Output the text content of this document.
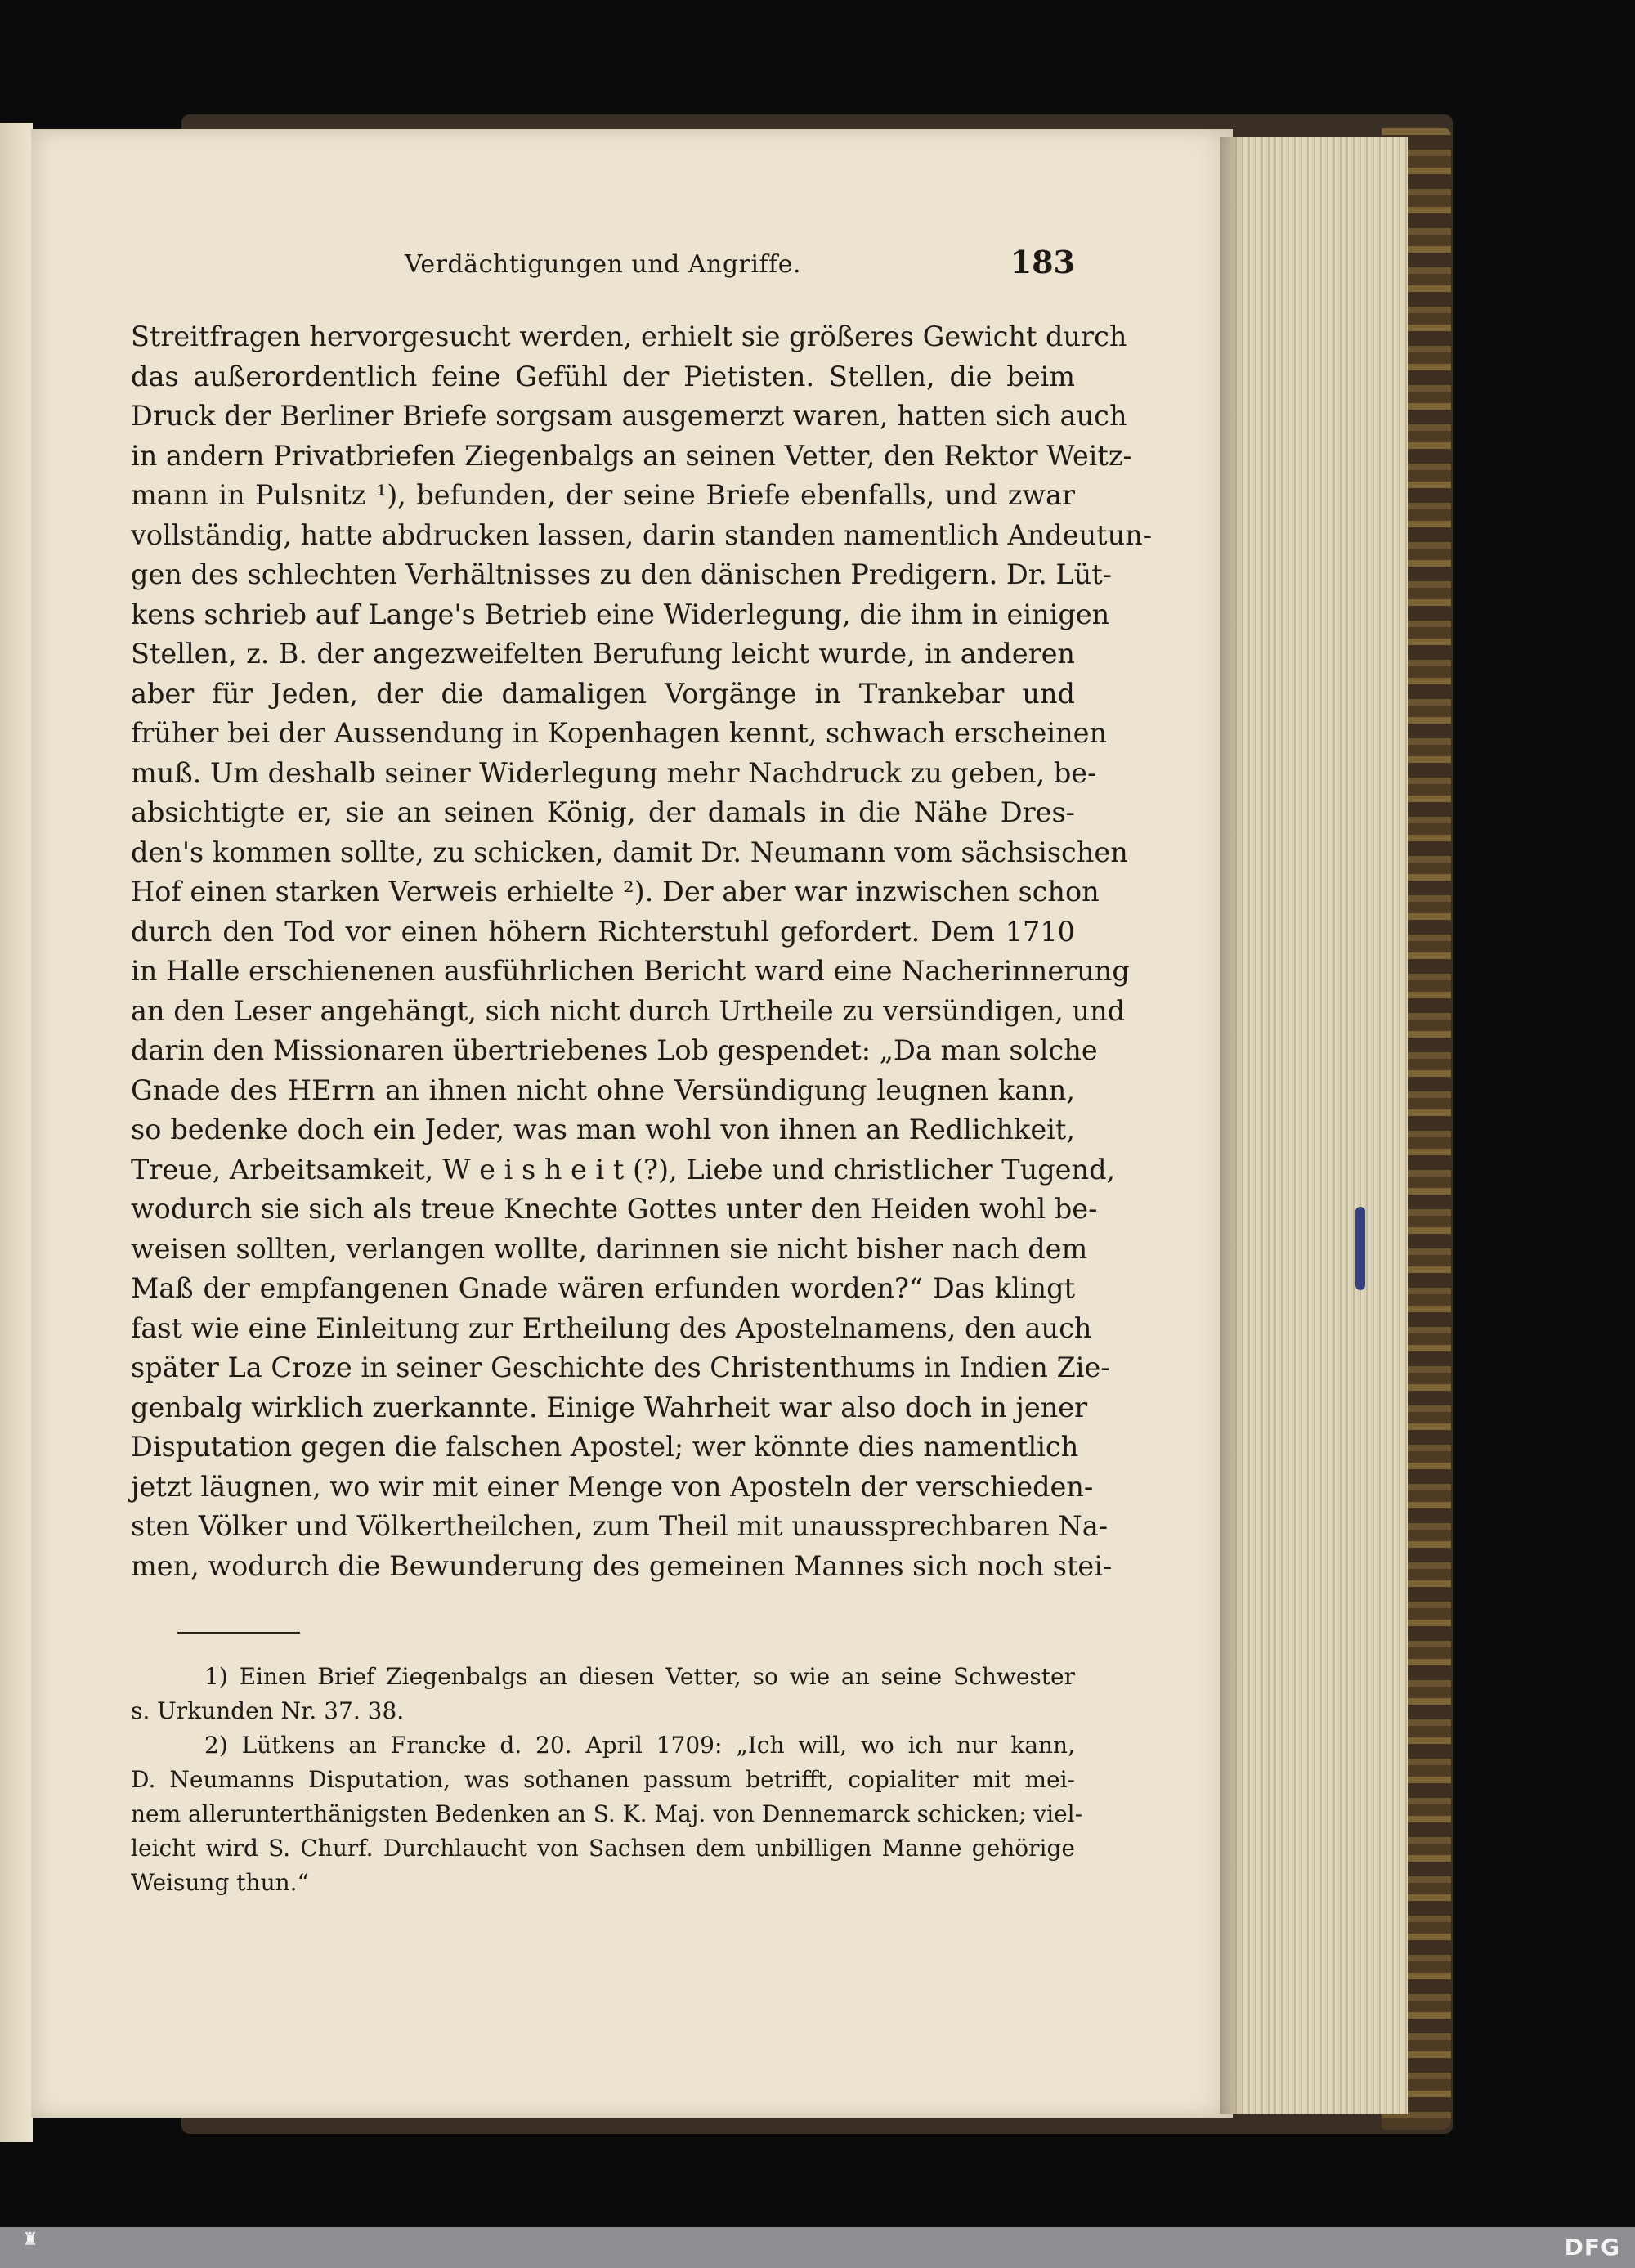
Verdächtigungen und Angriffe.	183
Streitfragen hervorgesucht werden, erhielt sie größeres Gewicht durch
das außerordentlich feine Gefühl der Pietisten. Stellen, die beim
Druck der Berliner Briefe sorgsam ausgemerzt waren, hatten sich auch
in andern Privatbriefen Ziegenbalgs an seinen Vetter, den Rektor Weitz-
mann in Pulsnitz ¹), befunden, der seine Briefe ebenfalls, und zwar
vollständig, hatte abdrucken lassen, darin standen namentlich Andeutun-
gen des schlechten Verhältnisses zu den dänischen Predigern. Dr. Lüt-
kens schrieb auf Lange's Betrieb eine Widerlegung, die ihm in einigen
Stellen, z. B. der angezweifelten Berufung leicht wurde, in anderen
aber für Jeden, der die damaligen Vorgänge in Trankebar und
früher bei der Aussendung in Kopenhagen kennt, schwach erscheinen
muß. Um deshalb seiner Widerlegung mehr Nachdruck zu geben, be-
absichtigte er, sie an seinen König, der damals in die Nähe Dres-
den's kommen sollte, zu schicken, damit Dr. Neumann vom sächsischen
Hof einen starken Verweis erhielte ²). Der aber war inzwischen schon
durch den Tod vor einen höhern Richterstuhl gefordert. Dem 1710
in Halle erschienenen ausführlichen Bericht ward eine Nacherinnerung
an den Leser angehängt, sich nicht durch Urtheile zu versündigen, und
darin den Missionaren übertriebenes Lob gespendet: „Da man solche
Gnade des HErrn an ihnen nicht ohne Versündigung leugnen kann,
so bedenke doch ein Jeder, was man wohl von ihnen an Redlichkeit,
Treue, Arbeitsamkeit, W e i s h e i t (?), Liebe und christlicher Tugend,
wodurch sie sich als treue Knechte Gottes unter den Heiden wohl be-
weisen sollten, verlangen wollte, darinnen sie nicht bisher nach dem
Maß der empfangenen Gnade wären erfunden worden?“ Das klingt
fast wie eine Einleitung zur Ertheilung des Apostelnamens, den auch
später La Croze in seiner Geschichte des Christenthums in Indien Zie-
genbalg wirklich zuerkannte. Einige Wahrheit war also doch in jener
Disputation gegen die falschen Apostel; wer könnte dies namentlich
jetzt läugnen, wo wir mit einer Menge von Aposteln der verschieden-
sten Völker und Völkertheilchen, zum Theil mit unaussprechbaren Na-
men, wodurch die Bewunderung des gemeinen Mannes sich noch stei-
1) Einen Brief Ziegenbalgs an diesen Vetter, so wie an seine Schwester
s. Urkunden Nr. 37. 38.
2) Lütkens an Francke d. 20. April 1709: „Ich will, wo ich nur kann,
D. Neumanns Disputation, was sothanen passum betrifft, copialiter mit mei-
nem allerunterthänigsten Bedenken an S. K. Maj. von Dennemarck schicken; viel-
leicht wird S. Churf. Durchlaucht von Sachsen dem unbilligen Manne gehörige
Weisung thun.“
♜	DFG
